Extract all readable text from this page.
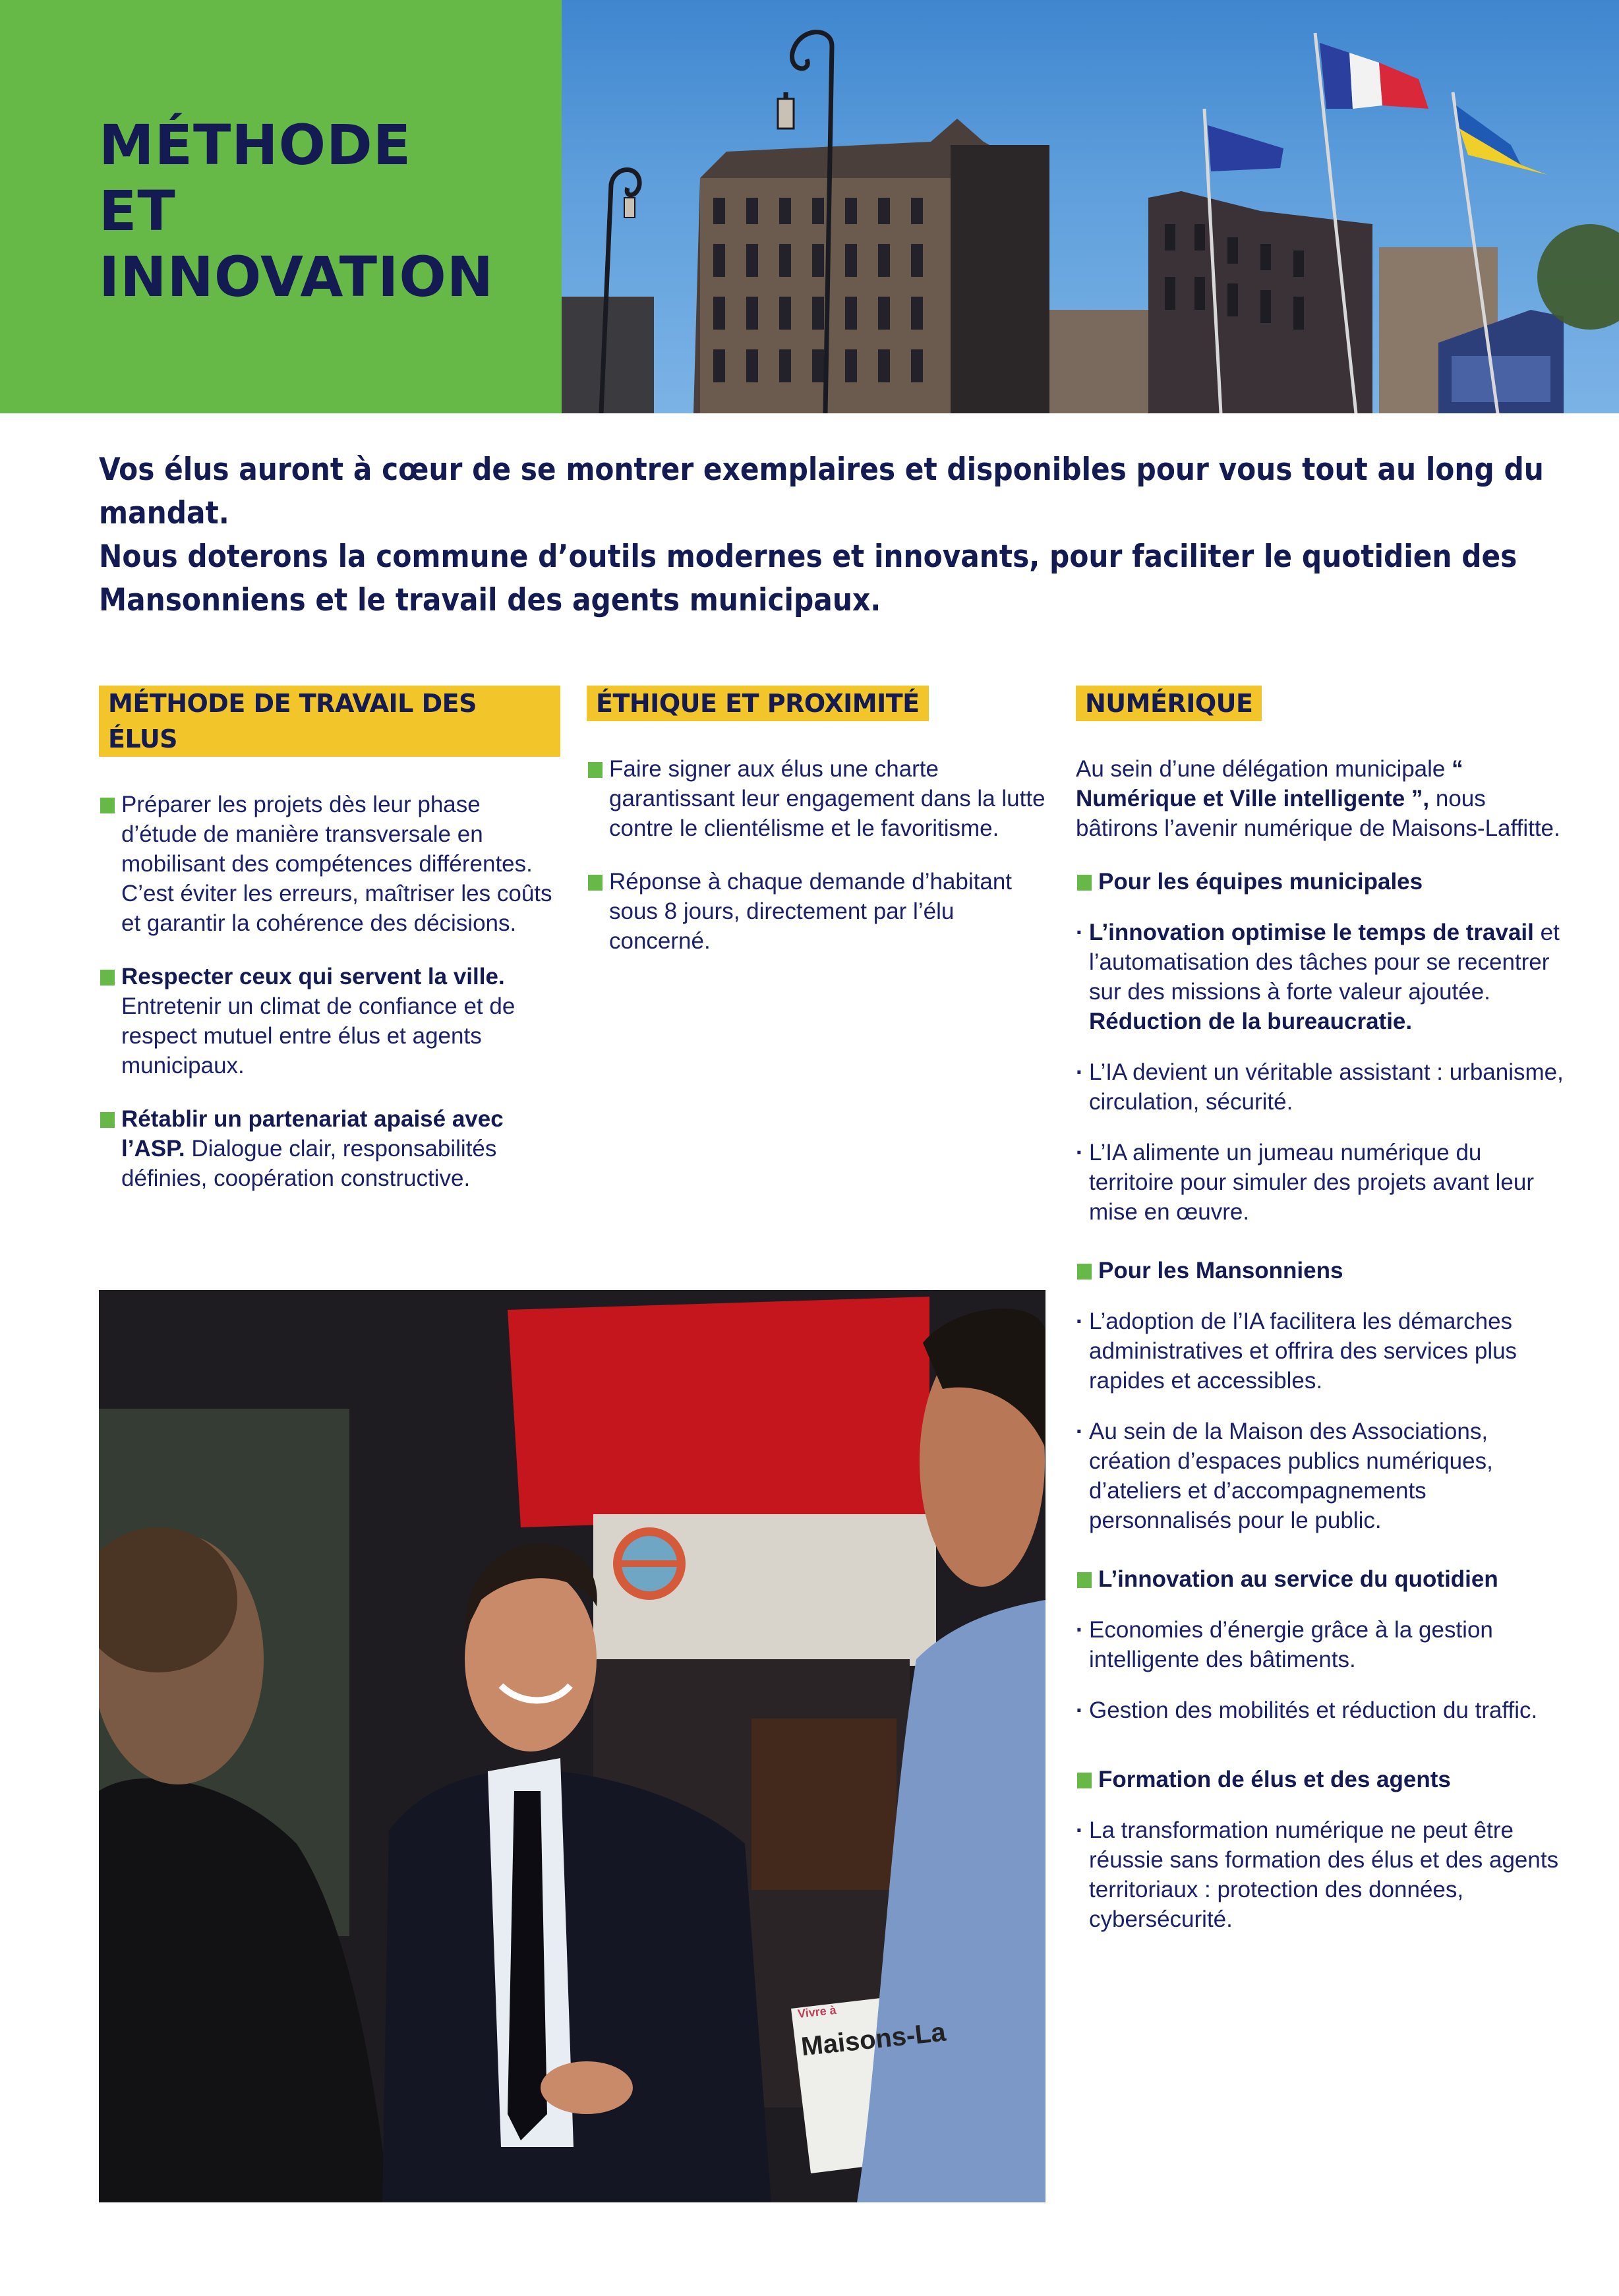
MÉTHODE
ET
INNOVATION

Vos élus auront à cœur de se montrer exemplaires et disponibles pour vous tout au long du mandat.

Nous doterons la commune d’outils modernes et innovants, pour faciliter le quotidien des Mansonniens et le travail des agents municipaux.

MÉTHODE DE TRAVAIL DES ÉLUS
Préparer les projets dès leur phase d’étude de manière transversale en mobilisant des compétences différentes. C’est éviter les erreurs, maîtriser les coûts et garantir la cohérence des décisions.
Respecter ceux qui servent la ville. Entretenir un climat de confiance et de respect mutuel entre élus et agents municipaux.
Rétablir un partenariat apaisé avec l’ASP. Dialogue clair, responsabilités définies, coopération constructive.
ÉTHIQUE ET PROXIMITÉ
Faire signer aux élus une charte garantissant leur engagement dans la lutte contre le clientélisme et le favoritisme.
Réponse à chaque demande d’habitant sous 8 jours, directement par l’élu concerné.
NUMÉRIQUE
Au sein d’une délégation municipale “ Numérique et Ville intelligente ”, nous bâtirons l’avenir numérique de Maisons-Laffitte.
Pour les équipes municipales
· L’innovation optimise le temps de travail et l’automatisation des tâches pour se recentrer sur des missions à forte valeur ajoutée. Réduction de la bureaucratie.
· L’IA devient un véritable assistant : urbanisme, circulation, sécurité.
· L’IA alimente un jumeau numérique du territoire pour simuler des projets avant leur mise en œuvre.
Pour les Mansonniens
· L’adoption de l’IA facilitera les démarches administratives et offrira des services plus rapides et accessibles.
· Au sein de la Maison des Associations, création d’espaces publics numériques, d’ateliers et d’accompagnements personnalisés pour le public.
L’innovation au service du quotidien
· Economies d’énergie grâce à la gestion intelligente des bâtiments.
· Gestion des mobilités et réduction du traffic.
Formation de élus et des agents
· La transformation numérique ne peut être réussie sans formation des élus et des agents territoriaux : protection des données, cybersécurité.
Vivre à
Maisons-La
